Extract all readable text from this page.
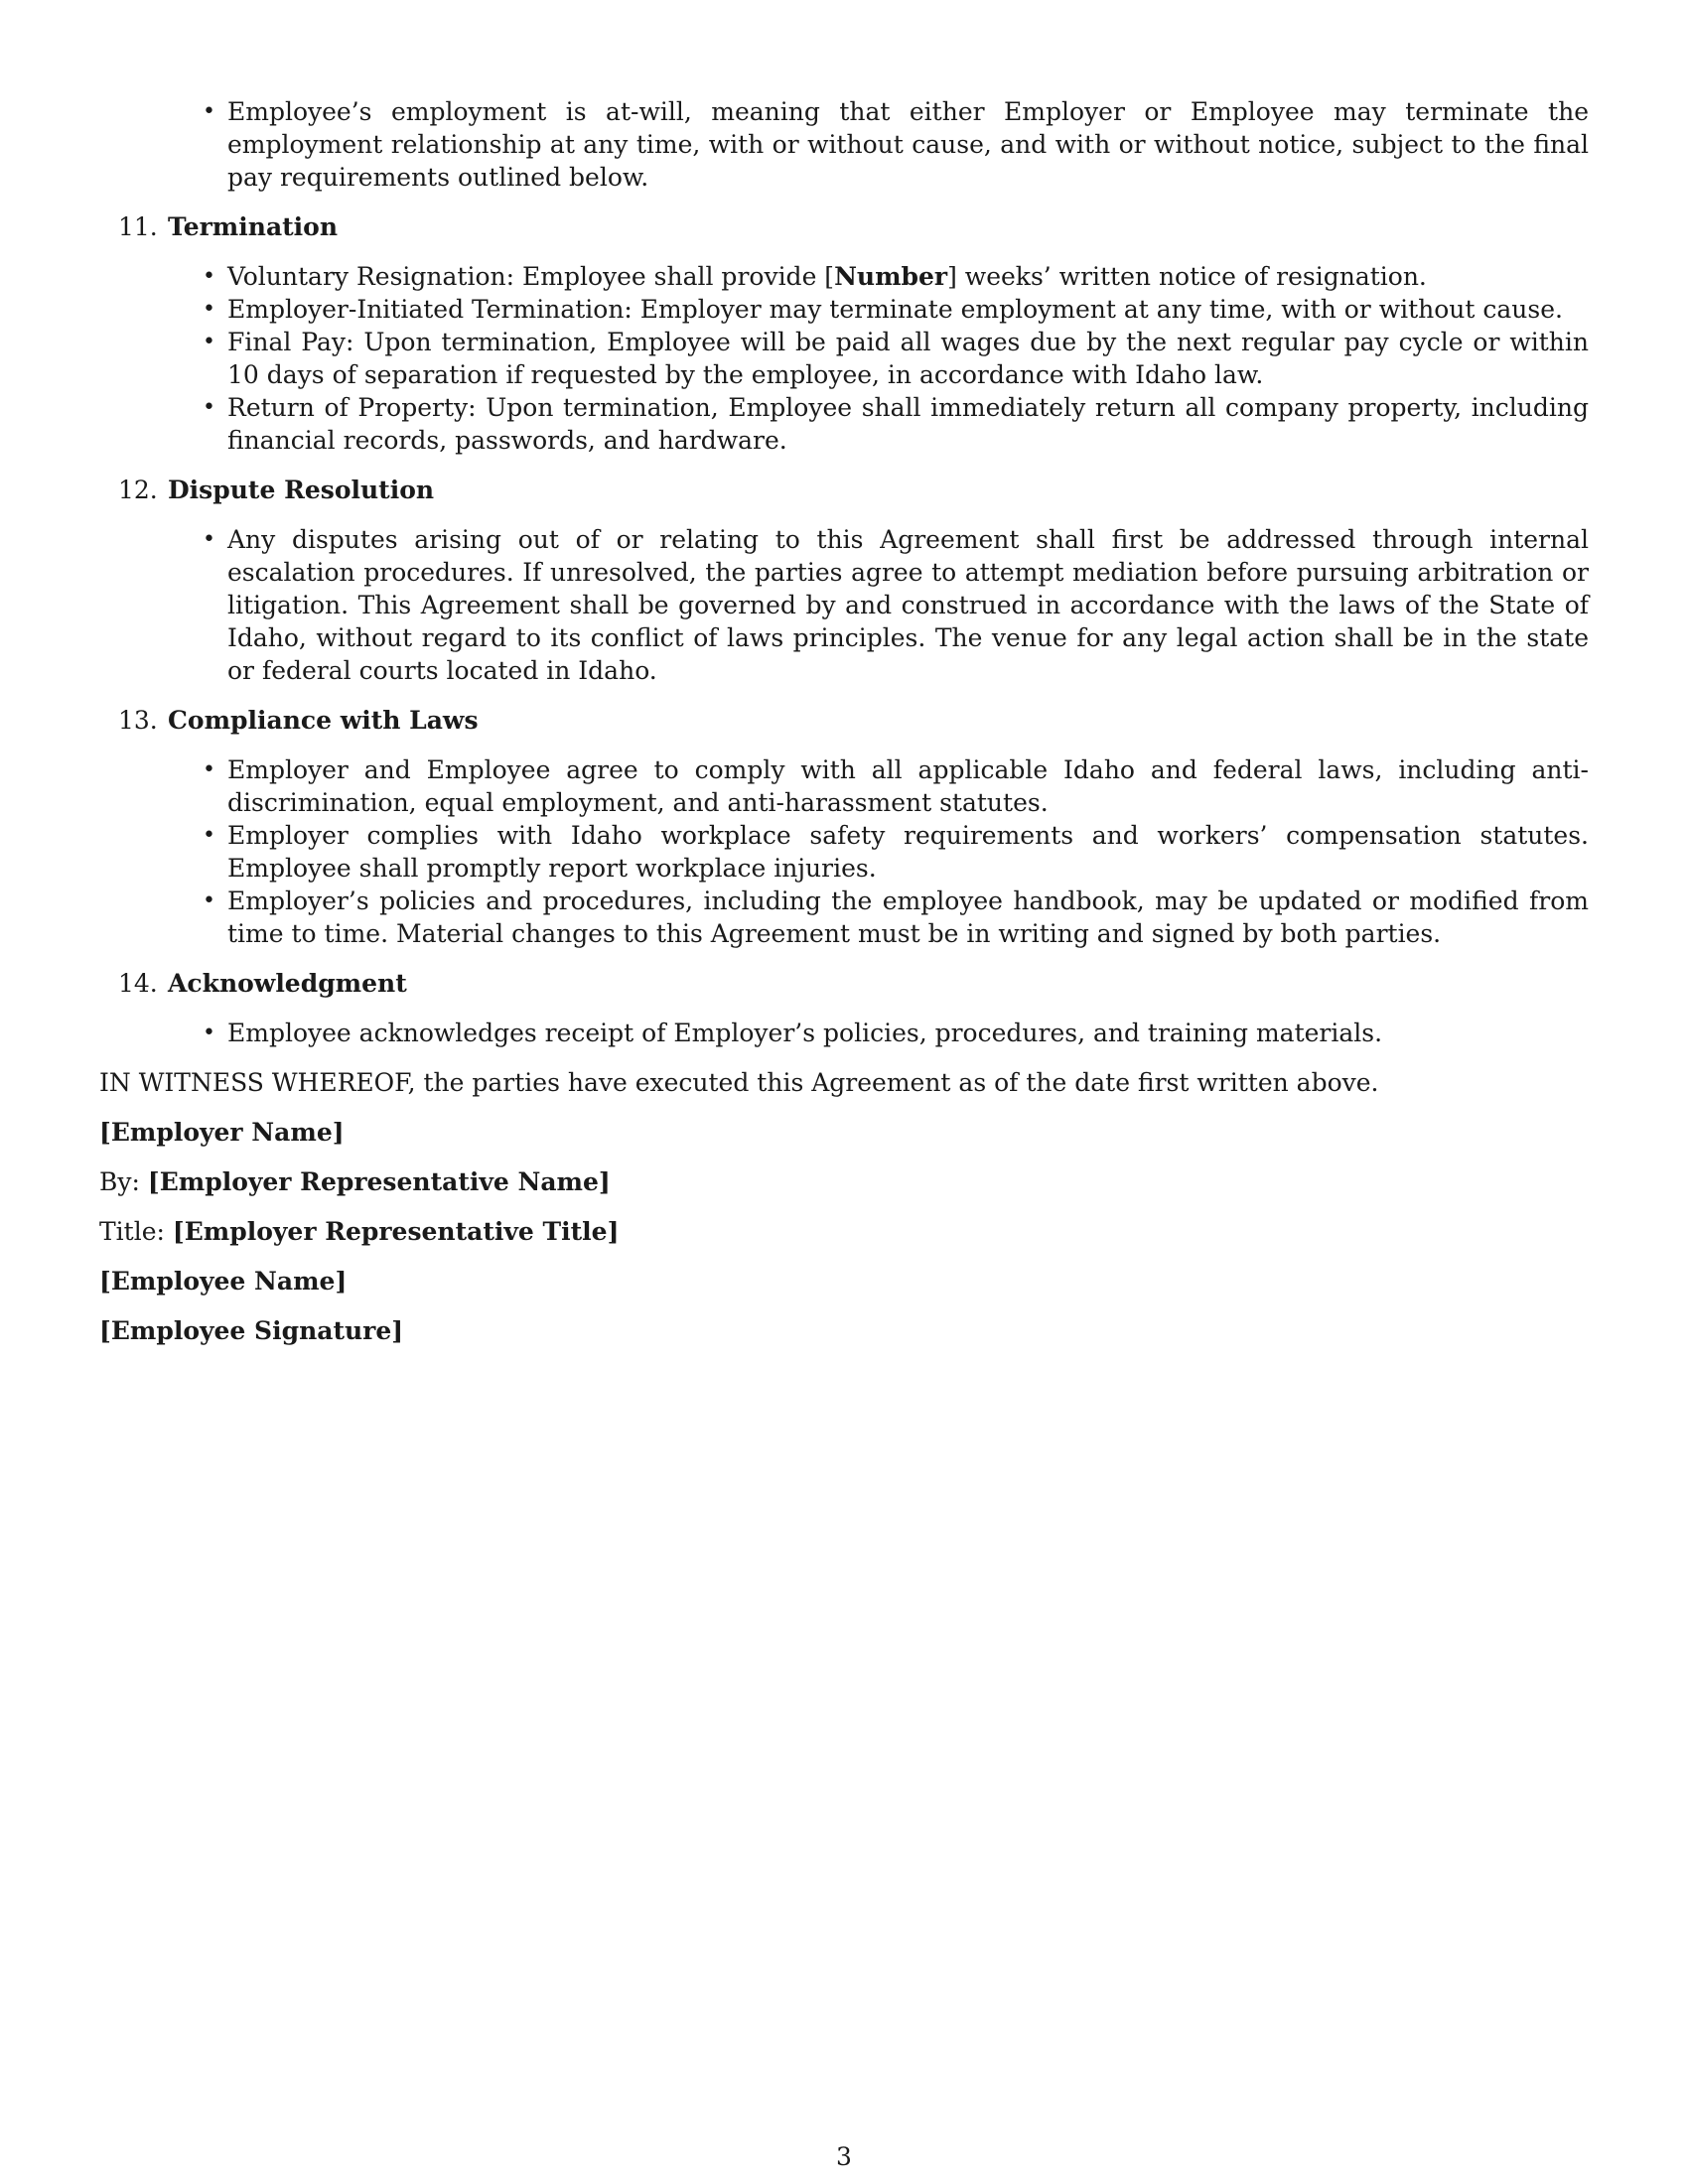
• Employee’s employment is at-will, meaning that either Employer or Employee may terminate the employment relationship at any time, with or without cause, and with or without notice, subject to the final pay requirements outlined below.
11. Termination
• Voluntary Resignation: Employee shall provide [Number] weeks’ written notice of resignation.
• Employer-Initiated Termination: Employer may terminate employment at any time, with or without cause.
• Final Pay: Upon termination, Employee will be paid all wages due by the next regular pay cycle or within 10 days of separation if requested by the employee, in accordance with Idaho law.
• Return of Property: Upon termination, Employee shall immediately return all company property, including financial records, passwords, and hardware.
12. Dispute Resolution
• Any disputes arising out of or relating to this Agreement shall first be addressed through internal escalation procedures. If unresolved, the parties agree to attempt mediation before pursuing arbitration or litigation. This Agreement shall be governed by and construed in accordance with the laws of the State of Idaho, without regard to its conflict of laws principles. The venue for any legal action shall be in the state or federal courts located in Idaho.
13. Compliance with Laws
• Employer and Employee agree to comply with all applicable Idaho and federal laws, including anti-discrimination, equal employment, and anti-harassment statutes.
• Employer complies with Idaho workplace safety requirements and workers’ compensation statutes. Employee shall promptly report workplace injuries.
• Employer’s policies and procedures, including the employee handbook, may be updated or modified from time to time. Material changes to this Agreement must be in writing and signed by both parties.
14. Acknowledgment
• Employee acknowledges receipt of Employer’s policies, procedures, and training materials.
IN WITNESS WHEREOF, the parties have executed this Agreement as of the date first written above.
[Employer Name]
By: [Employer Representative Name]
Title: [Employer Representative Title]
[Employee Name]
[Employee Signature]
3
